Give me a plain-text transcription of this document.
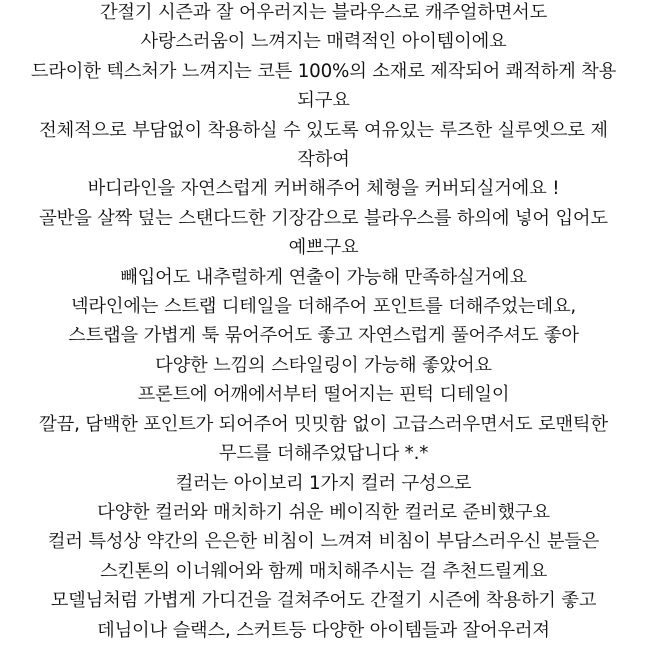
간절기 시즌과 잘 어우러지는 블라우스로 캐주얼하면서도
사랑스러움이 느껴지는 매력적인 아이템이에요
드라이한 텍스처가 느껴지는 코튼 100%의 소재로 제작되어 쾌적하게 착용
되구요
전체적으로 부담없이 착용하실 수 있도록 여유있는 루즈한 실루엣으로 제
작하여
바디라인을 자연스럽게 커버해주어 체형을 커버되실거에요 !
골반을 살짝 덮는 스탠다드한 기장감으로 블라우스를 하의에 넣어 입어도
예쁘구요
빼입어도 내추럴하게 연출이 가능해 만족하실거에요
넥라인에는 스트랩 디테일을 더해주어 포인트를 더해주었는데요,
스트랩을 가볍게 툭 묶어주어도 좋고 자연스럽게 풀어주셔도 좋아
다양한 느낌의 스타일링이 가능해 좋았어요
프론트에 어깨에서부터 떨어지는 핀턱 디테일이
깔끔, 담백한 포인트가 되어주어 밋밋함 없이 고급스러우면서도 로맨틱한
무드를 더해주었답니다 *.*
컬러는 아이보리 1가지 컬러 구성으로
다양한 컬러와 매치하기 쉬운 베이직한 컬러로 준비했구요
컬러 특성상 약간의 은은한 비침이 느껴져 비침이 부담스러우신 분들은
스킨톤의 이너웨어와 함께 매치해주시는 걸 추천드릴게요
모델님처럼 가볍게 가디건을 걸쳐주어도 간절기 시즌에 착용하기 좋고
데님이나 슬랙스, 스커트등 다양한 아이템들과 잘어우러져
